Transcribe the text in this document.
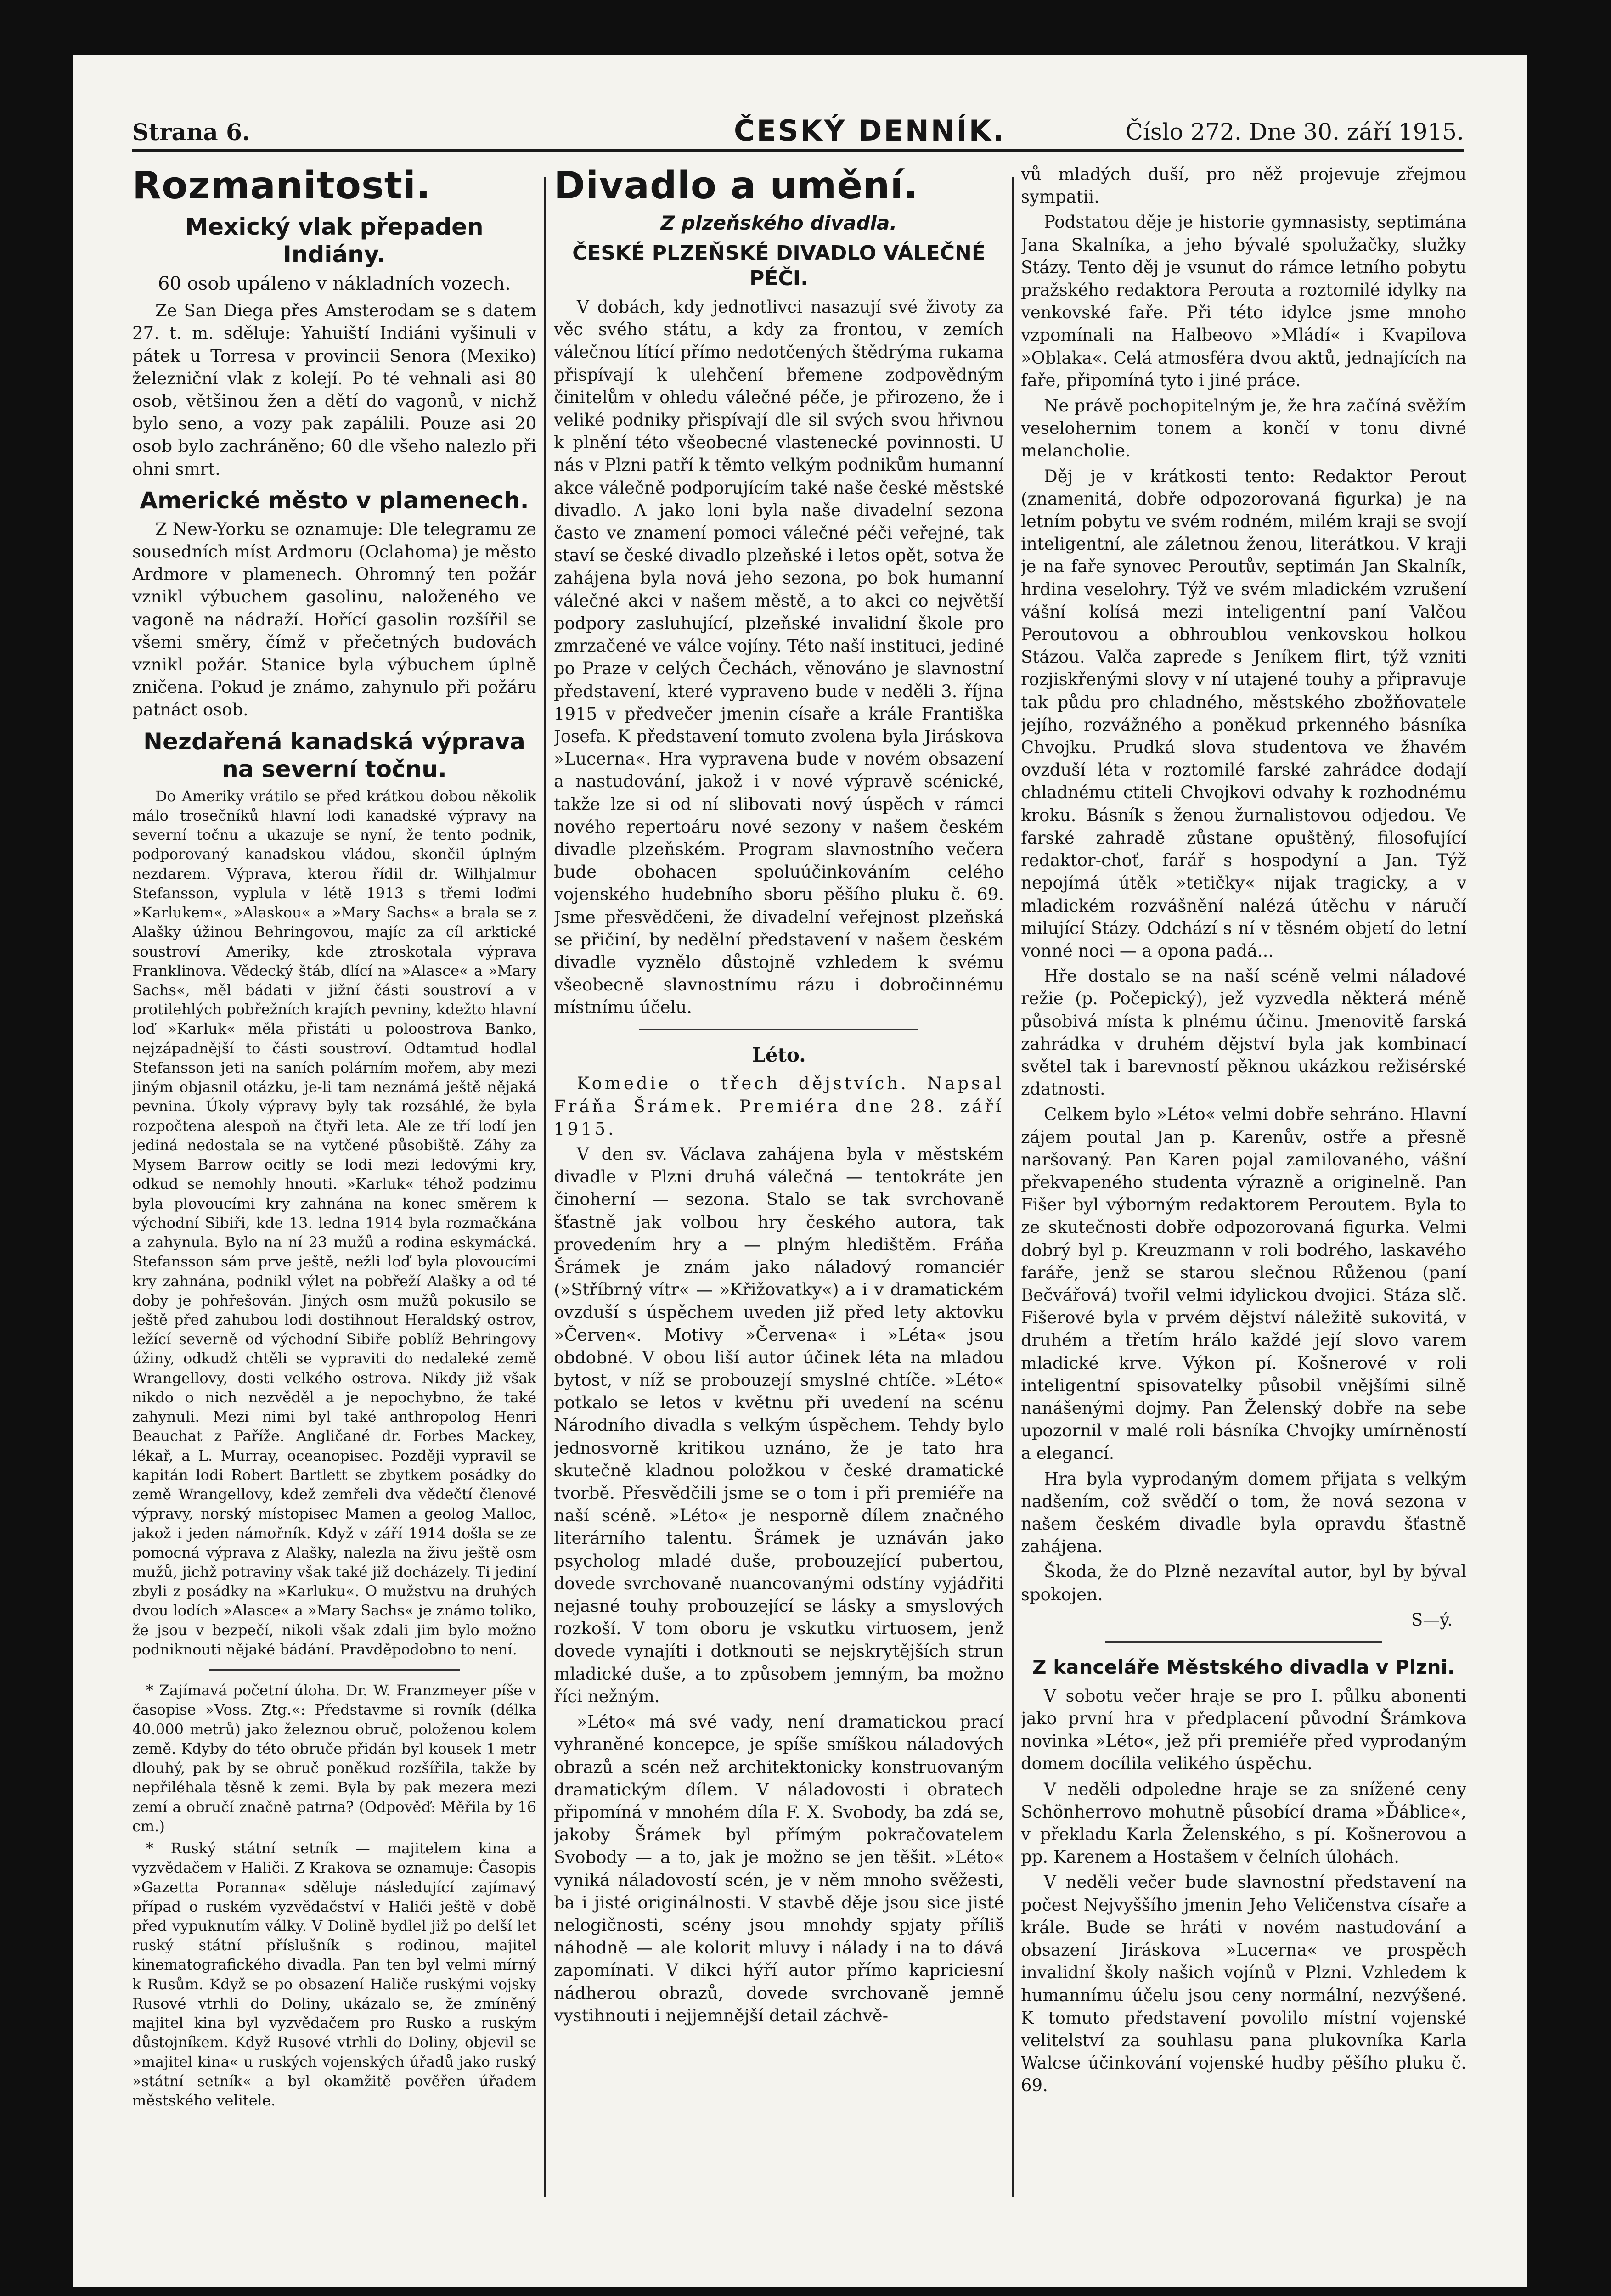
Strana 6.	ČESKÝ DENNÍK.	Číslo 272. Dne 30. září 1915.
Rozmanitosti.
Mexický vlak přepaden Indiány.
60 osob upáleno v nákladních vozech.

Ze San Diega přes Amsterodam se s datem 27. t. m. sděluje: Yahuiští Indiáni vyšinuli v pátek u Torresa v provincii Senora (Mexiko) železniční vlak z kolejí. Po té vehnali asi 80 osob, většinou žen a dětí do vagonů, v nichž bylo seno, a vozy pak zapálili. Pouze asi 20 osob bylo zachráněno; 60 dle všeho nalezlo při ohni smrt.

Americké město v plamenech.

Z New-Yorku se oznamuje: Dle telegramu ze sousedních míst Ardmoru (Oclahoma) je město Ardmore v plamenech. Ohromný ten požár vznikl výbuchem gasolinu, naloženého ve vagoně na nádraží. Hořící gasolin rozšířil se všemi směry, čímž v přečetných budovách vznikl požár. Stanice byla výbuchem úplně zničena. Pokud je známo, zahynulo při požáru patnáct osob.

Nezdařená kanadská výprava na severní točnu.

Do Ameriky vrátilo se před krátkou dobou několik málo trosečníků hlavní lodi kanadské výpravy na severní točnu a ukazuje se nyní, že tento podnik, podporovaný kanadskou vládou, skončil úplným nezdarem. Výprava, kterou řídil dr. Wilhjalmur Stefansson, vyplula v létě 1913 s třemi loďmi »Karlukem«, »Alaskou« a »Mary Sachs« a brala se z Alašky úžinou Behringovou, majíc za cíl arktické soustroví Ameriky, kde ztroskotala výprava Franklinova. Vědecký štáb, dlící na »Alasce« a »Mary Sachs«, měl bádati v jižní části soustroví a v protilehlých pobřežních krajích pevniny, kdežto hlavní loď »Karluk« měla přistáti u poloostrova Banko, nejzápadnější to části soustroví. Odtamtud hodlal Stefansson jeti na saních polárním mořem, aby mezi jiným objasnil otázku, je-li tam neznámá ještě nějaká pevnina. Úkoly výpravy byly tak rozsáhlé, že byla rozpočtena alespoň na čtyři leta. Ale ze tří lodí jen jediná nedostala se na vytčené působiště. Záhy za Mysem Barrow ocitly se lodi mezi ledovými kry, odkud se nemohly hnouti. »Karluk« téhož podzimu byla plovoucími kry zahnána na konec směrem k východní Sibiři, kde 13. ledna 1914 byla rozmačkána a zahynula. Bylo na ní 23 mužů a rodina eskymácká. Stefansson sám prve ještě, nežli loď byla plovoucími kry zahnána, podnikl výlet na pobřeží Alašky a od té doby je pohřešován. Jiných osm mužů pokusilo se ještě před zahubou lodi dostihnout Heraldský ostrov, ležící severně od východní Sibiře poblíž Behringovy úžiny, odkudž chtěli se vypraviti do nedaleké země Wrangellovy, dosti velkého ostrova. Nikdy již však nikdo o nich nezvěděl a je nepochybno, že také zahynuli. Mezi nimi byl také anthropolog Henri Beauchat z Paříže. Angličané dr. Forbes Mackey, lékař, a L. Murray, oceanopisec. Později vypravil se kapitán lodi Robert Bartlett se zbytkem posádky do země Wrangellovy, kdež zemřeli dva vědečtí členové výpravy, norský místopisec Mamen a geolog Malloc, jakož i jeden námořník. Když v září 1914 došla se ze pomocná výprava z Alašky, nalezla na živu ještě osm mužů, jichž potraviny však také již docházely. Ti jediní zbyli z posádky na »Karluku«. O mužstvu na druhých dvou lodích »Alasce« a »Mary Sachs« je známo toliko, že jsou v bezpečí, nikoli však zdali jim bylo možno podniknouti nějaké bádání. Pravděpodobno to není.

* Zajímavá početní úloha. Dr. W. Franzmeyer píše v časopise »Voss. Ztg.«: Představme si rovník (délka 40.000 metrů) jako železnou obruč, položenou kolem země. Kdyby do této obruče přidán byl kousek 1 metr dlouhý, pak by se obruč poněkud rozšířila, takže by nepřiléhala těsně k zemi. Byla by pak mezera mezi zemí a obručí značně patrna? (Odpověď: Měřila by 16 cm.)

* Ruský státní setník — majitelem kina a vyzvědačem v Haliči. Z Krakova se oznamuje: Časopis »Gazetta Poranna« sděluje následující zajímavý případ o ruském vyzvědačství v Haliči ještě v době před vypuknutím války. V Dolině bydlel již po delší let ruský státní příslušník s rodinou, majitel kinematografického divadla. Pan ten byl velmi mírný k Rusům. Když se po obsazení Haliče ruskými vojsky Rusové vtrhli do Doliny, ukázalo se, že zmíněný majitel kina byl vyzvědačem pro Rusko a ruským důstojníkem. Když Rusové vtrhli do Doliny, objevil se »majitel kina« u ruských vojenských úřadů jako ruský »státní setník« a byl okamžitě pověřen úřadem městského velitele.

Divadlo a umění.
Z plzeňského divadla.
ČESKÉ PLZEŇSKÉ DIVADLO VÁLEČNÉ PÉČI.

V dobách, kdy jednotlivci nasazují své životy za věc svého státu, a kdy za frontou, v zemích válečnou lítící přímo nedotčených štědrýma rukama přispívají k ulehčení břemene zodpovědným činitelům v ohledu válečné péče, je přirozeno, že i veliké podniky přispívají dle sil svých svou hřivnou k plnění této všeobecné vlastenecké povinnosti. U nás v Plzni patří k těmto velkým podnikům humanní akce válečně podporujícím také naše české městské divadlo. A jako loni byla naše divadelní sezona často ve znamení pomoci válečné péči veřejné, tak staví se české divadlo plzeňské i letos opět, sotva že zahájena byla nová jeho sezona, po bok humanní válečné akci v našem městě, a to akci co největší podpory zasluhující, plzeňské invalidní škole pro zmrzačené ve válce vojíny. Této naší instituci, jediné po Praze v celých Čechách, věnováno je slavnostní představení, které vypraveno bude v neděli 3. října 1915 v předvečer jmenin císaře a krále Františka Josefa. K představení tomuto zvolena byla Jiráskova »Lucerna«. Hra vypravena bude v novém obsazení a nastudování, jakož i v nové výpravě scénické, takže lze si od ní slibovati nový úspěch v rámci nového repertoáru nové sezony v našem českém divadle plzeňském. Program slavnostního večera bude obohacen spoluúčinkováním celého vojenského hudebního sboru pěšího pluku č. 69. Jsme přesvědčeni, že divadelní veřejnost plzeňská se přičiní, by nedělní představení v našem českém divadle vyznělo důstojně vzhledem k svému všeobecně slavnostnímu rázu i dobročinnému místnímu účelu.

Léto.

Komedie o třech dějstvích. Napsal Fráňa Šrámek. Premiéra dne 28. září 1915.

V den sv. Václava zahájena byla v městském divadle v Plzni druhá válečná — tentokráte jen činoherní — sezona. Stalo se tak svrchovaně šťastně jak volbou hry českého autora, tak provedením hry a — plným hledištěm. Fráňa Šrámek je znám jako náladový romanciér (»Stříbrný vítr« — »Křižovatky«) a i v dramatickém ovzduší s úspěchem uveden již před lety aktovku »Červen«. Motivy »Červena« i »Léta« jsou obdobné. V obou liší autor účinek léta na mladou bytost, v níž se probouzejí smyslné chtíče. »Léto« potkalo se letos v květnu při uvedení na scénu Národního divadla s velkým úspěchem. Tehdy bylo jednosvorně kritikou uznáno, že je tato hra skutečně kladnou položkou v české dramatické tvorbě. Přesvědčili jsme se o tom i při premiéře na naší scéně. »Léto« je nesporně dílem značného literárního talentu. Šrámek je uznáván jako psycholog mladé duše, probouzející pubertou, dovede svrchovaně nuancovanými odstíny vyjádřiti nejasné touhy probouzející se lásky a smyslových rozkoší. V tom oboru je vskutku virtuosem, jenž dovede vynajíti i dotknouti se nejskrytějších strun mladické duše, a to způsobem jemným, ba možno říci nežným.

»Léto« má své vady, není dramatickou prací vyhraněné koncepce, je spíše smíškou náladových obrazů a scén než architektonicky konstruovaným dramatickým dílem. V náladovosti i obratech připomíná v mnohém díla F. X. Svobody, ba zdá se, jakoby Šrámek byl přímým pokračovatelem Svobody — a to, jak je možno se jen těšit. »Léto« vyniká náladovostí scén, je v něm mnoho svěžesti, ba i jisté originálnosti. V stavbě děje jsou sice jisté nelogičnosti, scény jsou mnohdy spjaty příliš náhodně — ale kolorit mluvy i nálady i na to dává zapomínati. V dikci hýří autor přímo kapriciesní nádherou obrazů, dovede svrchovaně jemně vystihnouti i nejjemnější detail záchvě-

vů mladých duší, pro něž projevuje zřejmou sympatii.

Podstatou děje je historie gymnasisty, septimána Jana Skalníka, a jeho bývalé spolužačky, služky Stázy. Tento děj je vsunut do rámce letního pobytu pražského redaktora Perouta a roztomilé idylky na venkovské faře. Při této idylce jsme mnoho vzpomínali na Halbeovo »Mládí« i Kvapilova »Oblaka«. Celá atmosféra dvou aktů, jednajících na faře, připomíná tyto i jiné práce.

Ne právě pochopitelným je, že hra začíná svěžím veselohernim tonem a končí v tonu divné melancholie.

Děj je v krátkosti tento: Redaktor Perout (znamenitá, dobře odpozorovaná figurka) je na letním pobytu ve svém rodném, milém kraji se svojí inteligentní, ale záletnou ženou, literátkou. V kraji je na faře synovec Peroutův, septimán Jan Skalník, hrdina veselohry. Týž ve svém mladickém vzrušení vášní kolísá mezi inteligentní paní Valčou Peroutovou a obhroublou venkovskou holkou Stázou. Valča zaprede s Jeníkem flirt, týž vzniti rozjiskřenými slovy v ní utajené touhy a připravuje tak půdu pro chladného, městského zbožňovatele jejího, rozvážného a poněkud prkenného básníka Chvojku. Prudká slova studentova ve žhavém ovzduší léta v roztomilé farské zahrádce dodají chladnému ctiteli Chvojkovi odvahy k rozhodnému kroku. Básník s ženou žurnalistovou odjedou. Ve farské zahradě zůstane opuštěný, filosofující redaktor-choť, farář s hospodyní a Jan. Týž nepojímá útěk »tetičky« nijak tragicky, a v mladickém rozvášnění nalézá útěchu v náručí milující Stázy. Odchází s ní v těsném objetí do letní vonné noci — a opona padá...

Hře dostalo se na naší scéně velmi náladové režie (p. Počepický), jež vyzvedla některá méně působivá místa k plnému účinu. Jmenovitě farská zahrádka v druhém dějství byla jak kombinací světel tak i barevností pěknou ukázkou režisérské zdatnosti.

Celkem bylo »Léto« velmi dobře sehráno. Hlavní zájem poutal Jan p. Karenův, ostře a přesně naršovaný. Pan Karen pojal zamilovaného, vášní překvapeného studenta výrazně a originelně. Pan Fišer byl výborným redaktorem Peroutem. Byla to ze skutečnosti dobře odpozorovaná figurka. Velmi dobrý byl p. Kreuzmann v roli bodrého, laskavého faráře, jenž se starou slečnou Růženou (paní Bečvářová) tvořil velmi idylickou dvojici. Stáza slč. Fišerové byla v prvém dějství náležitě sukovitá, v druhém a třetím hrálo každé její slovo varem mladické krve. Výkon pí. Košnerové v roli inteligentní spisovatelky působil vnějšími silně nanášenými dojmy. Pan Želenský dobře na sebe upozornil v malé roli básníka Chvojky umírněností a elegancí.

Hra byla vyprodaným domem přijata s velkým nadšením, což svědčí o tom, že nová sezona v našem českém divadle byla opravdu šťastně zahájena.

Škoda, že do Plzně nezavítal autor, byl by býval spokojen.

S—ý.
Z kanceláře Městského divadla v Plzni.

V sobotu večer hraje se pro I. půlku abonenti jako první hra v předplacení původní Šrámkova novinka »Léto«, jež při premiéře před vyprodaným domem docílila velikého úspěchu.

V neděli odpoledne hraje se za snížené ceny Schönherrovo mohutně působící drama »Ďáblice«, v překladu Karla Želenského, s pí. Košnerovou a pp. Karenem a Hostašem v čelních úlohách.

V neděli večer bude slavnostní představení na počest Nejvyššího jmenin Jeho Veličenstva císaře a krále. Bude se hráti v novém nastudování a obsazení Jiráskova »Lucerna« ve prospěch invalidní školy našich vojínů v Plzni. Vzhledem k humannímu účelu jsou ceny normální, nezvýšené. K tomuto představení povolilo místní vojenské velitelství za souhlasu pana plukovníka Karla Walcse účinkování vojenské hudby pěšího pluku č. 69.
